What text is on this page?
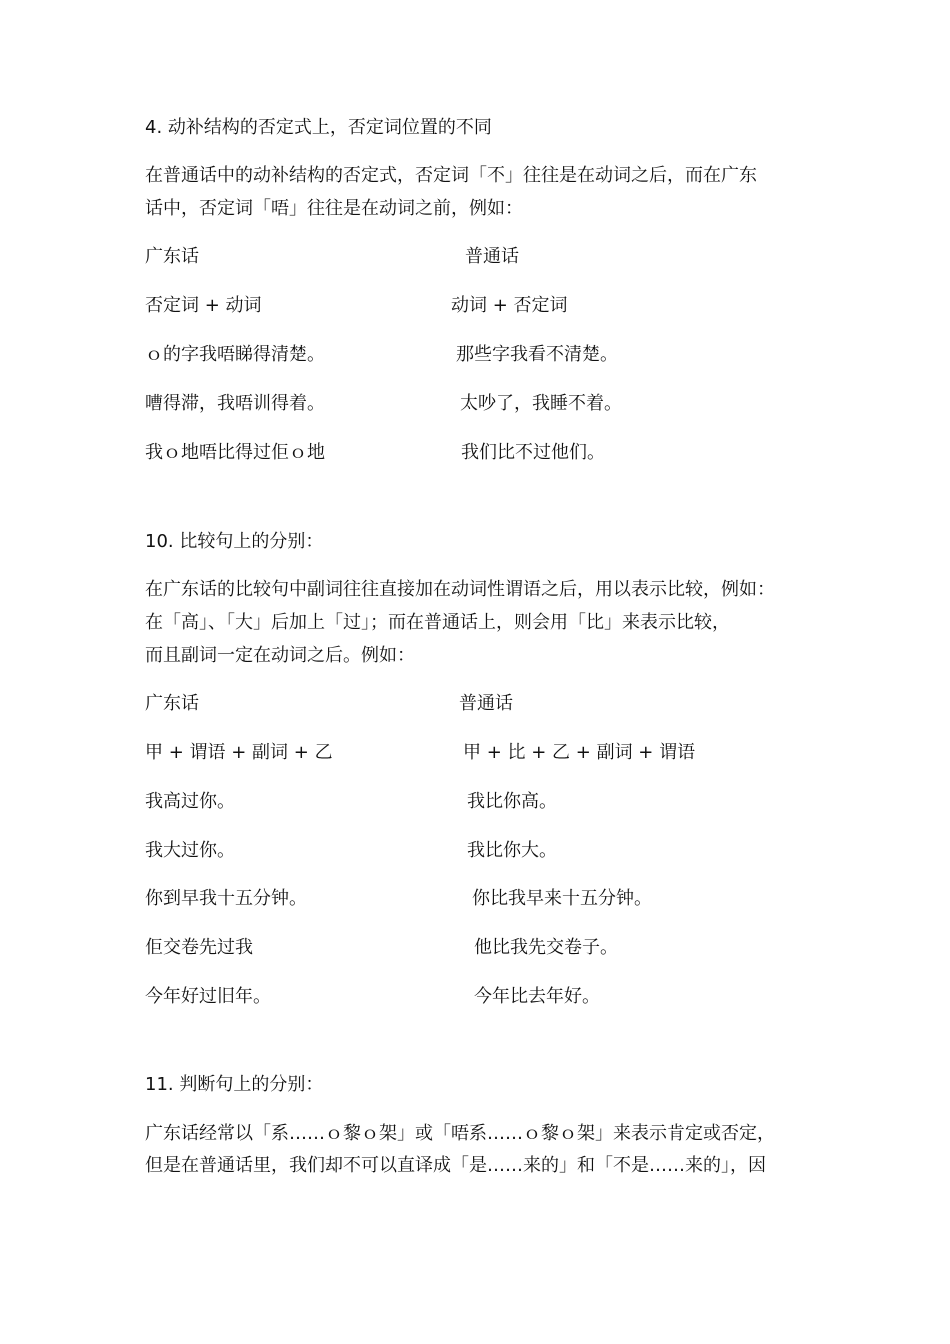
4. 动补结构的否定式上，否定词位置的不同
在普通话中的动补结构的否定式，否定词「不」往往是在动词之后，而在广东
话中，否定词「唔」往往是在动词之前，例如：
广东话	普通话
否定词 + 动词	动词 + 否定词
ｏ的字我唔睇得清楚。	那些字我看不清楚。
嘈得滞，我唔训得着。	太吵了，我睡不着。
我ｏ地唔比得过佢ｏ地	我们比不过他们。
10. 比较句上的分别：
在广东话的比较句中副词往往直接加在动词性谓语之后，用以表示比较，例如：
在「高」、「大」后加上「过」；而在普通话上，则会用「比」来表示比较，
而且副词一定在动词之后。例如：
广东话	普通话
甲 + 谓语 + 副词 + 乙	甲 + 比 + 乙 + 副词 + 谓语
我高过你。	我比你高。
我大过你。	我比你大。
你到早我十五分钟。	你比我早来十五分钟。
佢交卷先过我	他比我先交卷子。
今年好过旧年。	今年比去年好。
11. 判断句上的分别：
广东话经常以「系……ｏ黎ｏ架」或「唔系……ｏ黎ｏ架」来表示肯定或否定，
但是在普通话里，我们却不可以直译成「是……来的」和「不是……来的」，因
